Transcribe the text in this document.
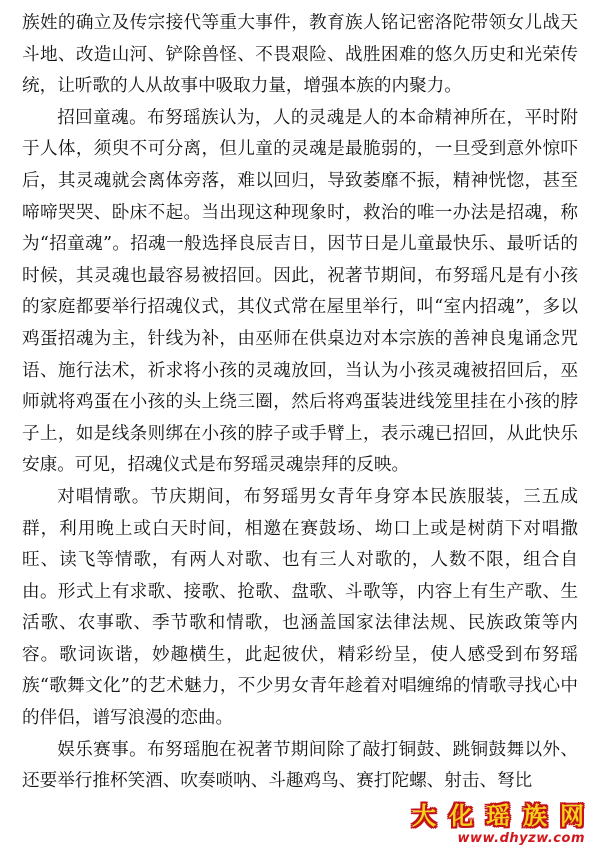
族姓的确立及传宗接代等重大事件，教育族人铭记密洛陀带领女儿战天斗地、改造山河、铲除兽怪、不畏艰险、战胜困难的悠久历史和光荣传统，让听歌的人从故事中吸取力量，增强本族的内聚力。

招回童魂。布努瑶族认为，人的灵魂是人的本命精神所在，平时附于人体，须臾不可分离，但儿童的灵魂是最脆弱的，一旦受到意外惊吓后，其灵魂就会离体旁落，难以回归，导致萎靡不振，精神恍惚，甚至啼啼哭哭、卧床不起。当出现这种现象时，救治的唯一办法是招魂，称为“招童魂”。招魂一般选择良辰吉日，因节日是儿童最快乐、最听话的时候，其灵魂也最容易被招回。因此，祝著节期间，布努瑶凡是有小孩的家庭都要举行招魂仪式，其仪式常在屋里举行，叫“室内招魂”，多以鸡蛋招魂为主，针线为补，由巫师在供桌边对本宗族的善神良鬼诵念咒语、施行法术，祈求将小孩的灵魂放回，当认为小孩灵魂被招回后，巫师就将鸡蛋在小孩的头上绕三圈，然后将鸡蛋装进线笼里挂在小孩的脖子上，如是线条则绑在小孩的脖子或手臂上，表示魂已招回，从此快乐安康。可见，招魂仪式是布努瑶灵魂崇拜的反映。

对唱情歌。节庆期间，布努瑶男女青年身穿本民族服装，三五成群，利用晚上或白天时间，相邀在赛鼓场、坳口上或是树荫下对唱撒旺、读飞等情歌，有两人对歌、也有三人对歌的，人数不限，组合自由。形式上有求歌、接歌、抢歌、盘歌、斗歌等，内容上有生产歌、生活歌、农事歌、季节歌和情歌，也涵盖国家法律法规、民族政策等内容。歌词诙谐，妙趣横生，此起彼伏，精彩纷呈，使人感受到布努瑶族“歌舞文化”的艺术魅力，不少男女青年趁着对唱缠绵的情歌寻找心中的伴侣，谱写浪漫的恋曲。

娱乐赛事。布努瑶胞在祝著节期间除了敲打铜鼓、跳铜鼓舞以外、还要举行推杯笑酒、吹奏唢呐、斗趣鸡鸟、赛打陀螺、射击、弩比

大 化 瑶 族 网
www.dhyzw.com
